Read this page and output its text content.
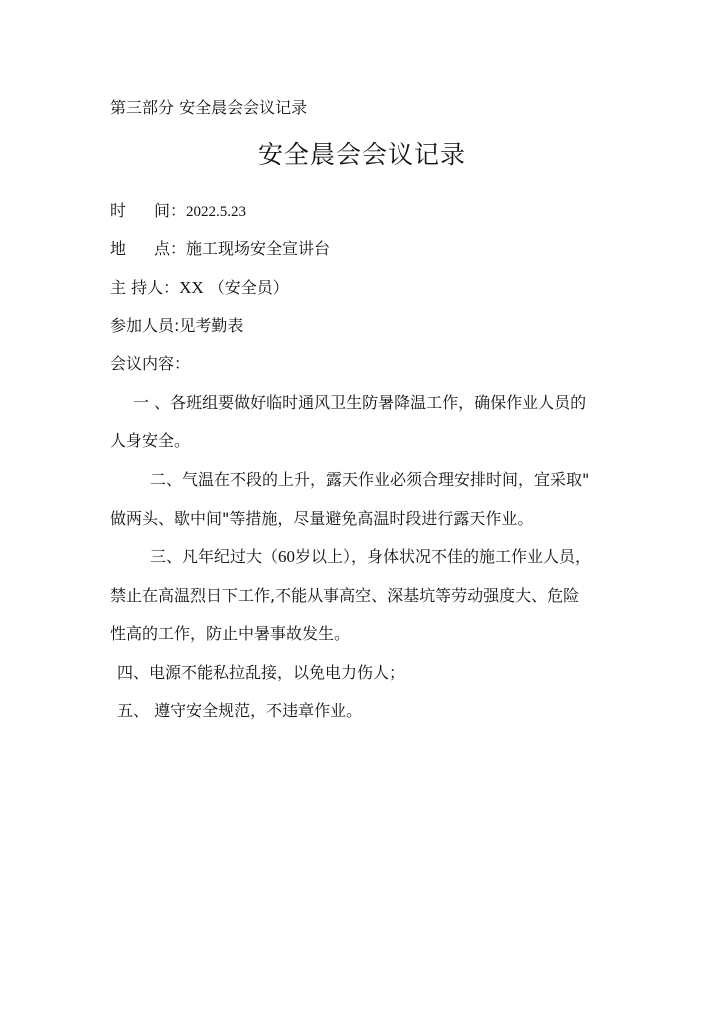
第三部分 安全晨会会议记录
安全晨会会议记录
时 间：2022.5.23
地 点：施工现场安全宣讲台
主 持人：XX （安全员）
参加人员:见考勤表
会议内容：
一 、各班组要做好临时通风卫生防暑降温工作，确保作业人员的
人身安全。
二、气温在不段的上升，露天作业必须合理安排时间，宜采取"
做两头、歇中间"等措施，尽量避免高温时段进行露天作业。
三、凡年纪过大（60岁以上），身体状况不佳的施工作业人员，
禁止在高温烈日下工作,不能从事高空、深基坑等劳动强度大、危险
性高的工作，防止中暑事故发生。
四、电源不能私拉乱接，以免电力伤人；
五、 遵守安全规范，不违章作业。
